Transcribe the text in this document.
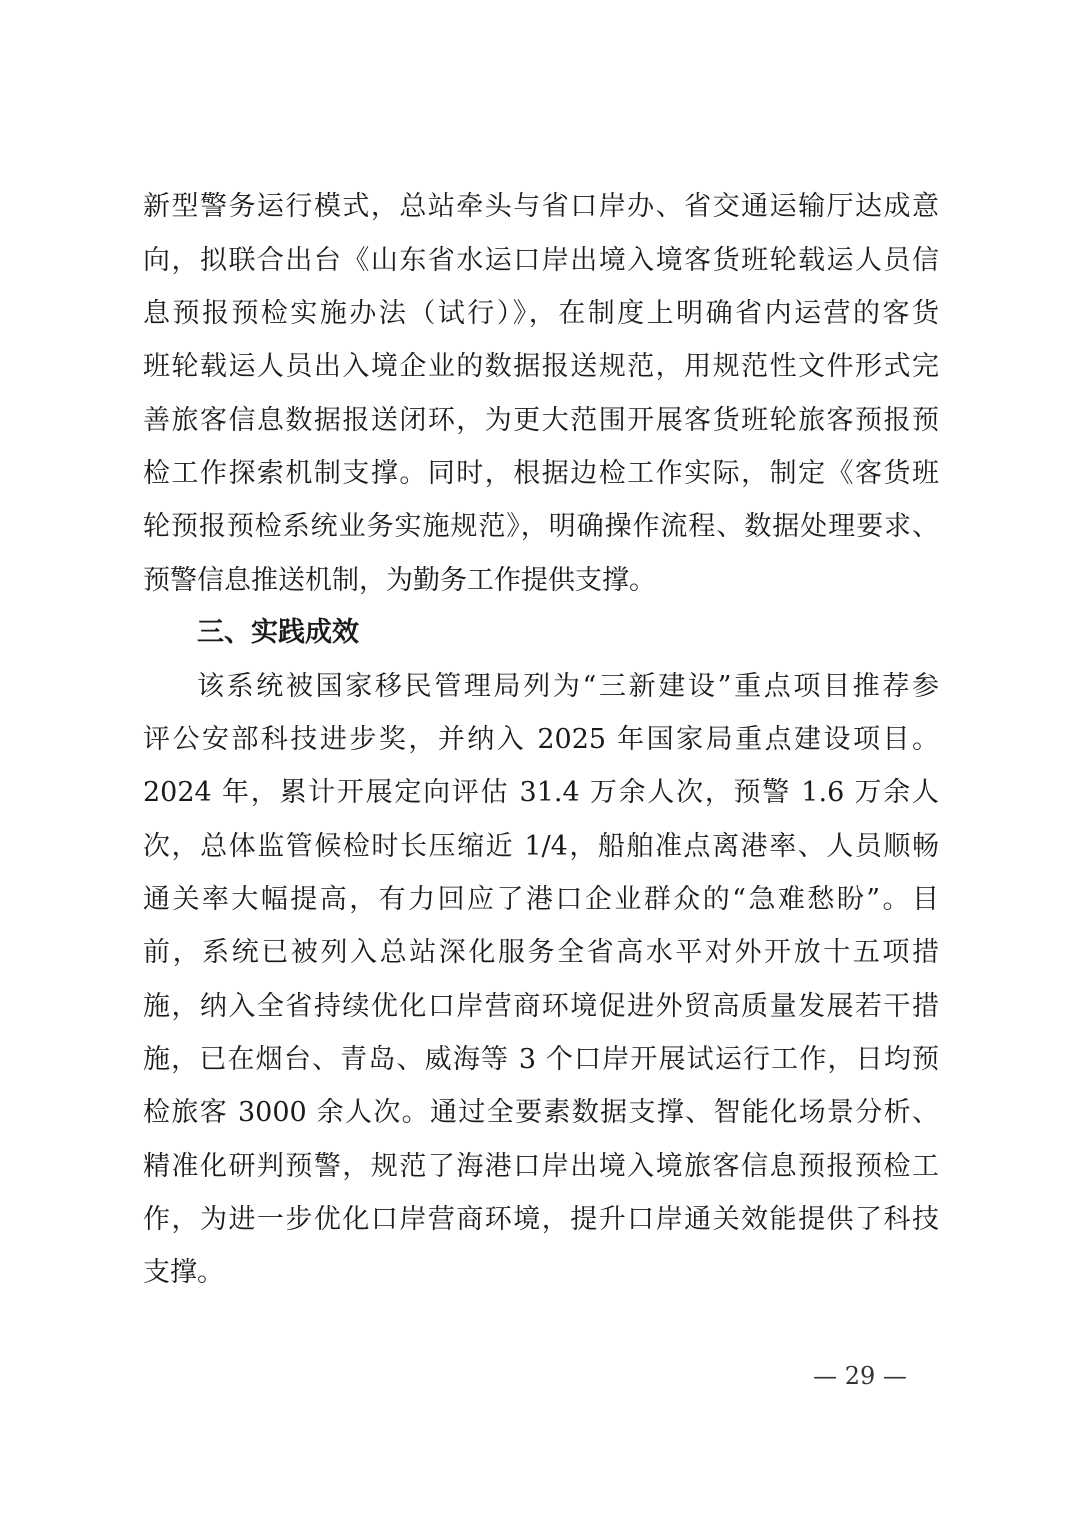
新型警务运行模式，总站牵头与省口岸办、省交通运输厅达成意
向，拟联合出台《山东省水运口岸出境入境客货班轮载运人员信
息预报预检实施办法（试行）》，在制度上明确省内运营的客货
班轮载运人员出入境企业的数据报送规范，用规范性文件形式完
善旅客信息数据报送闭环，为更大范围开展客货班轮旅客预报预
检工作探索机制支撑。同时，根据边检工作实际，制定《客货班
轮预报预检系统业务实施规范》，明确操作流程、数据处理要求、
预警信息推送机制，为勤务工作提供支撑。
三、实践成效
该系统被国家移民管理局列为“三新建设”重点项目推荐参
评公安部科技进步奖，并纳入 2025 年国家局重点建设项目。
2024 年，累计开展定向评估 31.4 万余人次，预警 1.6 万余人
次，总体监管候检时长压缩近 1/4，船舶准点离港率、人员顺畅
通关率大幅提高，有力回应了港口企业群众的“急难愁盼”。目
前，系统已被列入总站深化服务全省高水平对外开放十五项措
施，纳入全省持续优化口岸营商环境促进外贸高质量发展若干措
施，已在烟台、青岛、威海等 3 个口岸开展试运行工作，日均预
检旅客 3000 余人次。通过全要素数据支撑、智能化场景分析、
精准化研判预警，规范了海港口岸出境入境旅客信息预报预检工
作，为进一步优化口岸营商环境，提升口岸通关效能提供了科技
支撑。
— 29 —
